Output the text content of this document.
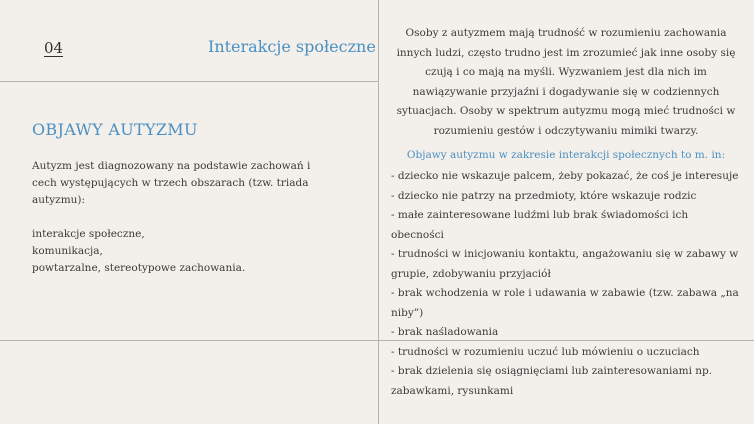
04	Interakcje społeczne
OBJAWY AUTYZMU

Autyzm jest diagnozowany na podstawie zachowań i cech występujących w trzech obszarach (tzw. triada autyzmu):

interakcje społeczne,

komunikacja,

powtarzalne, stereotypowe zachowania.

Osoby z autyzmem mają trudność w rozumieniu zachowania innych ludzi, często trudno jest im zrozumieć jak inne osoby się czują i co mają na myśli. Wyzwaniem jest dla nich im nawiązywanie przyjaźni i dogadywanie się w codziennych sytuacjach. Osoby w spektrum autyzmu mogą mieć trudności w rozumieniu gestów i odczytywaniu mimiki twarzy.
Objawy autyzmu w zakresie interakcji społecznych to m. in:
- dziecko nie wskazuje palcem, żeby pokazać, że coś je interesuje
- dziecko nie patrzy na przedmioty, które wskazuje rodzic
- małe zainteresowane ludźmi lub brak świadomości ich obecności
- trudności w inicjowaniu kontaktu, angażowaniu się w zabawy w grupie, zdobywaniu przyjaciół
- brak wchodzenia w role i udawania w zabawie (tzw. zabawa „na niby”)
- brak naśladowania
- trudności w rozumieniu uczuć lub mówieniu o uczuciach
- brak dzielenia się osiągnięciami lub zainteresowaniami np. zabawkami, rysunkami
